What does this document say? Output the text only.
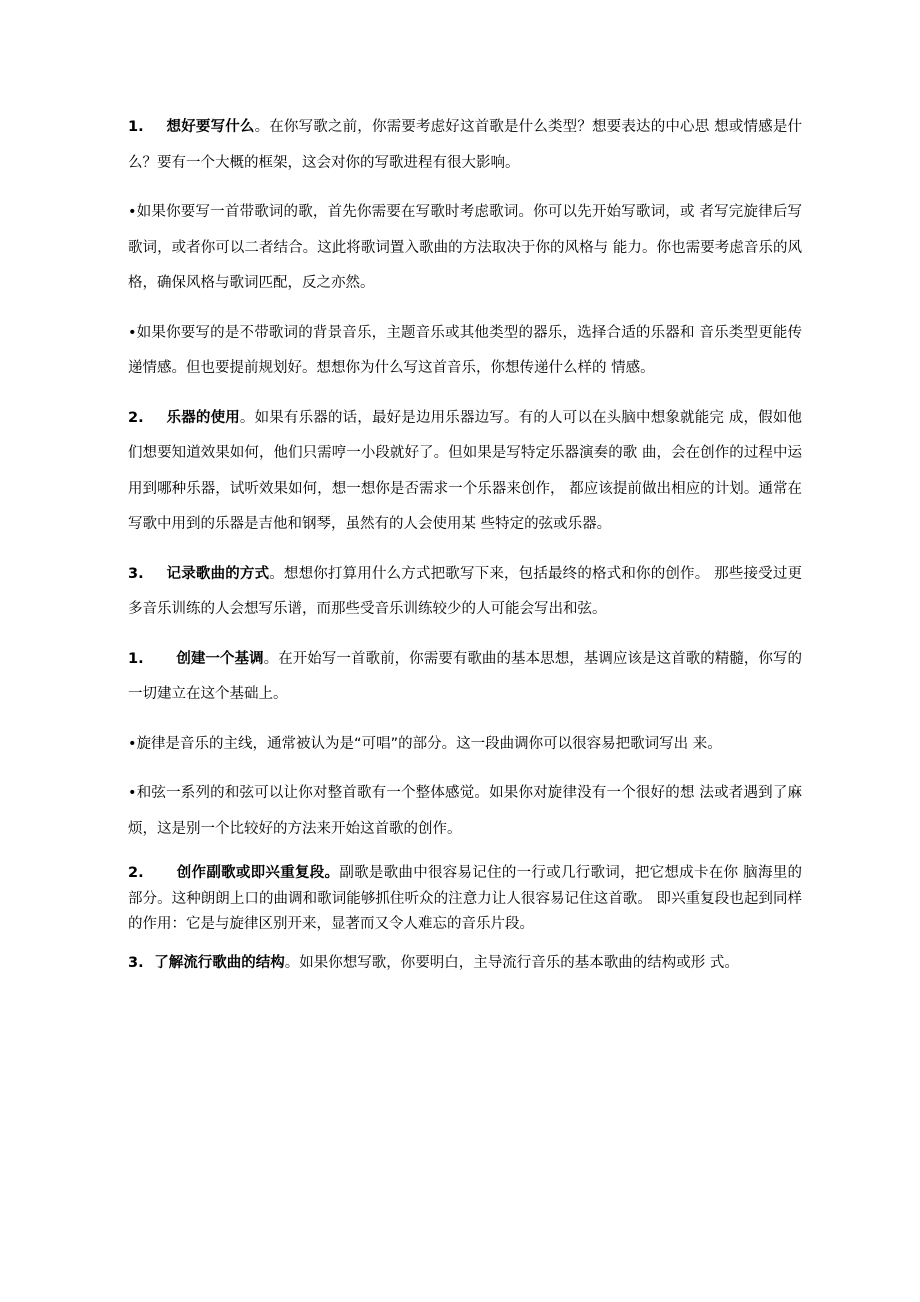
1. 想好要写什么。在你写歌之前，你需要考虑好这首歌是什么类型？想要表达的中心思 想或情感是什么？要有一个大概的框架，这会对你的写歌进程有很大影响。
•如果你要写一首带歌词的歌，首先你需要在写歌时考虑歌词。你可以先开始写歌词，或 者写完旋律后写歌词，或者你可以二者结合。这此将歌词置入歌曲的方法取决于你的风格与 能力。你也需要考虑音乐的风格，确保风格与歌词匹配，反之亦然。
•如果你要写的是不带歌词的背景音乐，主题音乐或其他类型的器乐，选择合适的乐器和 音乐类型更能传递情感。但也要提前规划好。想想你为什么写这首音乐，你想传递什么样的 情感。
2. 乐器的使用。如果有乐器的话，最好是边用乐器边写。有的人可以在头脑中想象就能完 成，假如他们想要知道效果如何，他们只需哼一小段就好了。但如果是写特定乐器演奏的歌 曲，会在创作的过程中运用到哪种乐器，试听效果如何，想一想你是否需求一个乐器来创作， 都应该提前做出相应的计划。通常在写歌中用到的乐器是吉他和钢琴，虽然有的人会使用某 些特定的弦或乐器。
3. 记录歌曲的方式。想想你打算用什么方式把歌写下来，包括最终的格式和你的创作。 那些接受过更多音乐训练的人会想写乐谱，而那些受音乐训练较少的人可能会写出和弦。
1. 创建一个基调。在开始写一首歌前，你需要有歌曲的基本思想，基调应该是这首歌的精髓，你写的一切建立在这个基础上。
•旋律是音乐的主线，通常被认为是“可唱”的部分。这一段曲调你可以很容易把歌词写出 来。
•和弦一系列的和弦可以让你对整首歌有一个整体感觉。如果你对旋律没有一个很好的想 法或者遇到了麻烦，这是别一个比较好的方法来开始这首歌的创作。
2. 创作副歌或即兴重复段。副歌是歌曲中很容易记住的一行或几行歌词，把它想成卡在你 脑海里的部分。这种朗朗上口的曲调和歌词能够抓住听众的注意力让人很容易记住这首歌。 即兴重复段也起到同样的作用：它是与旋律区别开来，显著而又令人难忘的音乐片段。
3. 了解流行歌曲的结构。如果你想写歌，你要明白，主导流行音乐的基本歌曲的结构或形 式。
